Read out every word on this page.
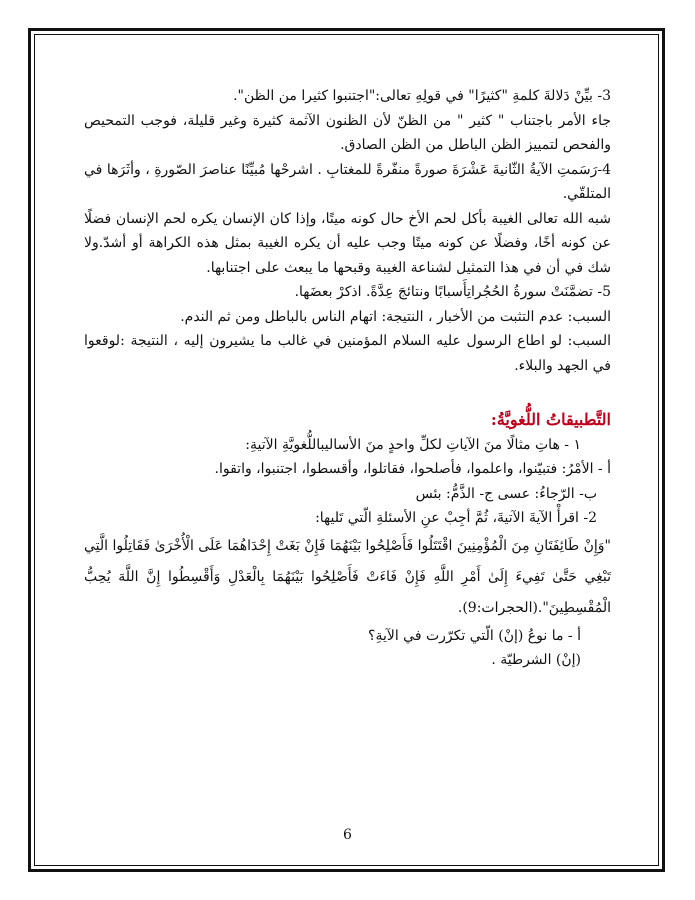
3- بيِّنْ دَلالةَ كلمةِ "كثيرًا" في قولِهِ تعالى:"اجتنبوا كثيرا من الظن".

جاء الأمر باجتناب " كثير " من الظنّ لأن الظنون الآثمة كثيرة وغير قليلة، فوجب التمحيص والفحص لتمييز الظن الباطل من الظن الصادق.

4-رَسَمتِ الآيةُ الثّانيةَ عَشْرَةَ صورةً منفّرةً للمغتابِ . اشرحْها مُبيِّنًا عناصرَ الصّورةِ ، وأثَرَها في المتلقّي.

شبه الله تعالى الغيبة بأكل لحم الأخ حال كونه ميتًا، وإذا كان الإنسان يكره لحم الإنسان فضلًا عن كونه أخًا، وفضلًا عن كونه ميتًا وجب عليه أن يكره الغيبة بمثل هذه الكراهة أو أشدّ.ولا شك في أن في هذا التمثيل لشناعة الغيبة وقبحها ما يبعث على اجتنابها.

5- تضمَّنَتْ سورةُ الحُجُراتِأَسبابًا ونتائجَ عِدَّةً. اذكرْ بعضَها.

السبب: عدم التثبت من الأخبار ، النتيجة: اتهام الناس بالباطل ومن ثم الندم.

السبب: لو اطاع الرسول عليه السلام المؤمنين في غالب ما يشيرون إليه ، النتيجة :لوقعوا في الجهد والبلاء.

التَّطبيقاتُ اللُّغويَّةُ:

١ - هاتِ مثالًا منَ الآياتِ لكلِّ واحدٍ منَ الأساليباللُّغويَّةِ الآتيةِ:

أ - الأمْرُ: فتبيّنوا، واعلموا، فأصلحوا، فقاتلوا، وأقسطوا، اجتنبوا، واتقوا.

ب- الرّجاءُ: عسى ج- الذَّمُّ: بئس

2- اقرأْ الآيةَ الآتيةَ، ثُمَّ أجِبْ عنِ الأسئلةِ الّتي تَليها:

"وَإِنْ طَائِفَتَانِ مِنَ الْمُؤْمِنِينَ اقْتَتَلُوا فَأَصْلِحُوا بَيْنَهُمَا فَإِنْ بَغَتْ إِحْدَاهُمَا عَلَى الْأُخْرَىٰ فَقَاتِلُوا الَّتِي تَبْغِي حَتَّىٰ تَفِيءَ إِلَىٰ أَمْرِ اللَّهِ فَإِنْ فَاءَتْ فَأَصْلِحُوا بَيْنَهُمَا بِالْعَدْلِ وَأَقْسِطُوا إِنَّ اللَّهَ يُحِبُّ الْمُقْسِطِينَ".(الحجرات:9).

أ - ما نوعُ (إنْ) الّتي تكرّرت في الآيةِ؟

(إنْ) الشرطيّة .

6
